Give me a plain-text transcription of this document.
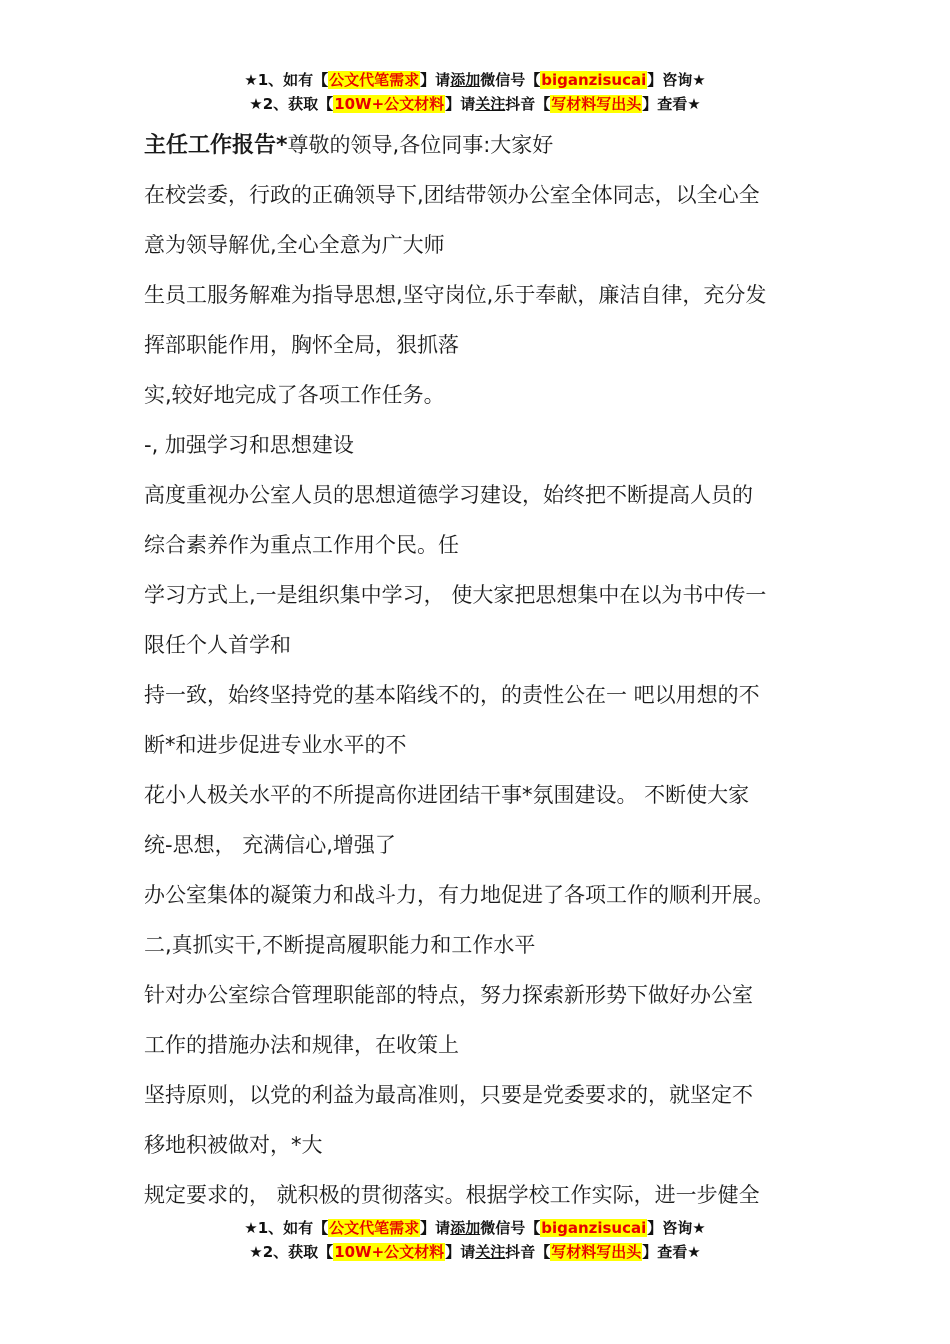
★1、如有【公文代笔需求】请添加微信号【biganzisucai】咨询★
★2、获取【10W+公文材料】请关注抖音【写材料写出头】查看★
主任工作报告*尊敬的领导,各位同事:大家好
在校尝委，行政的正确领导下,团结带领办公室全体同志，以全心全
意为领导解优,全心全意为广大师
生员工服务解难为指导思想,坚守岗位,乐于奉献，廉洁自律，充分发
挥部职能作用，胸怀全局，狠抓落
实,较好地完成了各项工作任务。
-, 加强学习和思想建设
高度重视办公室人员的思想道德学习建设，始终把不断提高人员的
综合素养作为重点工作用个民。任
学习方式上,一是组织集中学习， 使大家把思想集中在以为书中传一
限任个人首学和
持一致，始终坚持党的基本陷线不的，的责性公在一 吧以用想的不
断*和进步促进专业水平的不
花小人极关水平的不所提高你进团结干事*氛围建设。 不断使大家
统-思想， 充满信心,增强了
办公室集体的凝策力和战斗力，有力地促进了各项工作的顺利开展。
二,真抓实干,不断提高履职能力和工作水平
针对办公室综合管理职能部的特点，努力探索新形势下做好办公室
工作的措施办法和规律，在收策上
坚持原则，以党的利益为最高准则，只要是党委要求的，就坚定不
移地积被做对，*大
规定要求的， 就积极的贯彻落实。根据学校工作实际，进一步健全
★1、如有【公文代笔需求】请添加微信号【biganzisucai】咨询★
★2、获取【10W+公文材料】请关注抖音【写材料写出头】查看★
